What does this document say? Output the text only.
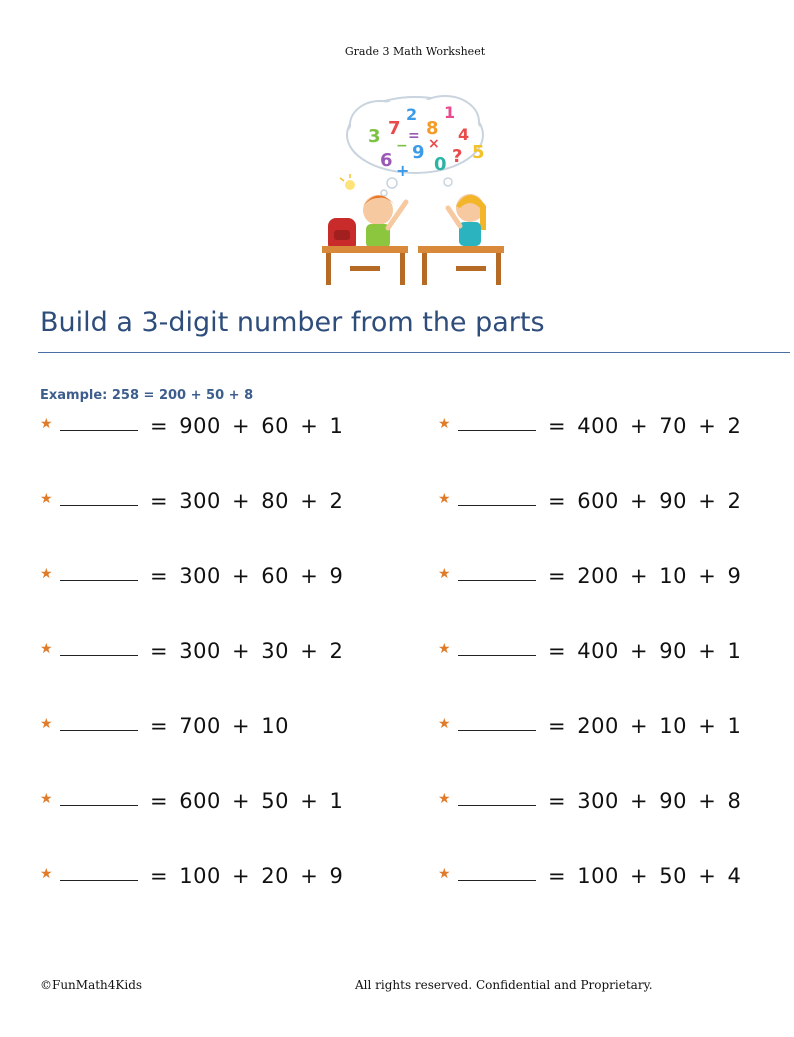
Grade 3 Math Worksheet
3 7
2
8
1
4
6 9
0 ? 5
+
×
−
=
Build a 3-digit number from the parts
Example: 258 = 200 + 50 + 8
★	= 900 + 60 + 1
★	= 300 + 80 + 2
★	= 300 + 60 + 9
★	= 300 + 30 + 2
★	= 700 + 10
★	= 600 + 50 + 1
★	= 100 + 20 + 9
★	= 400 + 70 + 2
★	= 600 + 90 + 2
★	= 200 + 10 + 9
★	= 400 + 90 + 1
★	= 200 + 10 + 1
★	= 300 + 90 + 8
★	= 100 + 50 + 4
©FunMath4Kids	All rights reserved. Confidential and Proprietary.
